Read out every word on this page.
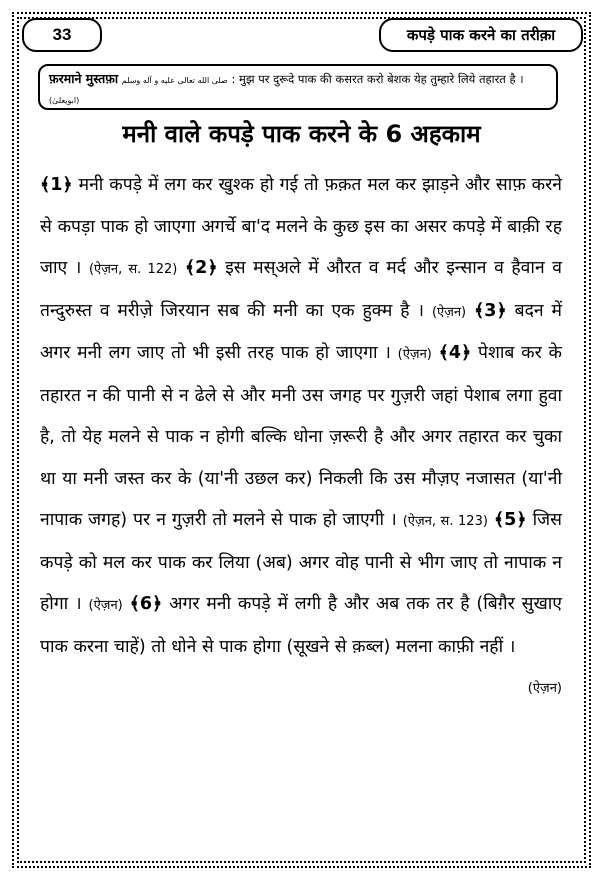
33	कपड़े पाक करने का तरीक़ा
फ़रमाने मुस्तफ़ा صلى الله تعالى عليه و آله وسلم : मुझ पर दुरूदे पाक की कसरत करो बेशक येह तुम्हारे लिये तहारत है । (ابویعلیٰ)
मनी वाले कपड़े पाक करने के 6 अहकाम
﴾1﴿ मनी कपड़े में लग कर खुश्क हो गई तो फ़क़त मल कर झाड़ने और साफ़ करने से कपड़ा पाक हो जाएगा अगर्चे बा'द मलने के कुछ इस का असर कपड़े में बाक़ी रह जाए । (ऐज़न, स. 122) ﴾2﴿ इस मस्अले में औरत व मर्द और इन्सान व हैवान व तन्दुरुस्त व मरीज़े जिरयान सब की मनी का एक हुक्म है । (ऐज़न) ﴾3﴿ बदन में अगर मनी लग जाए तो भी इसी तरह पाक हो जाएगा । (ऐज़न) ﴾4﴿ पेशाब कर के तहारत न की पानी से न ढेले से और मनी उस जगह पर गुज़री जहां पेशाब लगा हुवा है, तो येह मलने से पाक न होगी बल्कि धोना ज़रूरी है और अगर तहारत कर चुका था या मनी जस्त कर के (या'नी उछल कर) निकली कि उस मौज़ए नजासत (या'नी नापाक जगह) पर न गुज़री तो मलने से पाक हो जाएगी । (ऐज़न, स. 123) ﴾5﴿ जिस कपड़े को मल कर पाक कर लिया (अब) अगर वोह पानी से भीग जाए तो नापाक न होगा । (ऐज़न) ﴾6﴿ अगर मनी कपड़े में लगी है और अब तक तर है (बिग़ैर सुखाए पाक करना चाहें) तो धोने से पाक होगा (सूखने से क़ब्ल) मलना काफ़ी नहीं ।
(ऐज़न)
